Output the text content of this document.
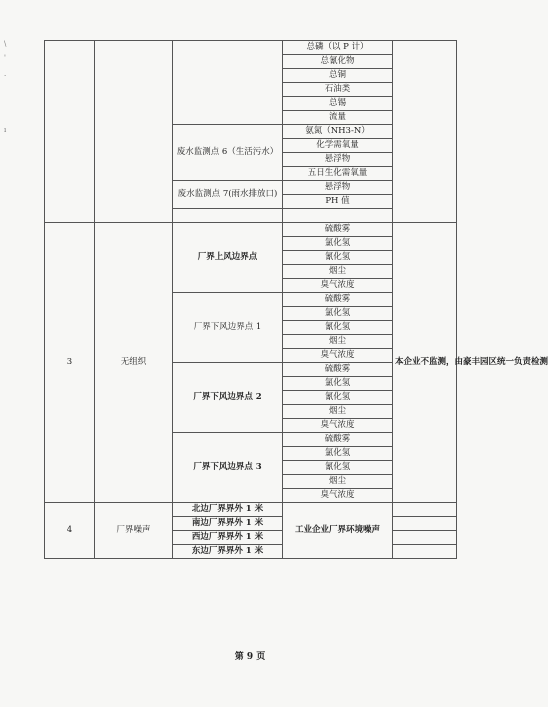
\
'
.
ı
			总磷（以 P 计）	
			总氰化物	
			总铜	
			石油类	
			总锡	
			流量	
		废水监测点 6（生活污水）	氨氮（NH3-N）	
			化学需氧量	
			悬浮物	
			五日生化需氧量	
		废水监测点 7(雨水排放口)	悬浮物	
			PH 值	

3	无组织	厂界上风边界点	硫酸雾	本企业不监测，由豪丰园区统一负责检测
			氯化氢	
			氰化氢	
			烟尘	
			臭气浓度	
		厂界下风边界点 1	硫酸雾	
			氯化氢	
			氰化氢	
			烟尘	
			臭气浓度	
		厂界下风边界点 2	硫酸雾	
			氯化氢	
			氰化氢	
			烟尘	
			臭气浓度	
		厂界下风边界点 3	硫酸雾	
			氯化氢	
			氰化氢	
			烟尘	
			臭气浓度	
4	厂界噪声	北边厂界界外 1 米	工业企业厂界环境噪声	
		南边厂界界外 1 米		
		西边厂界界外 1 米		
		东边厂界界外 1 米		
第 9 页
